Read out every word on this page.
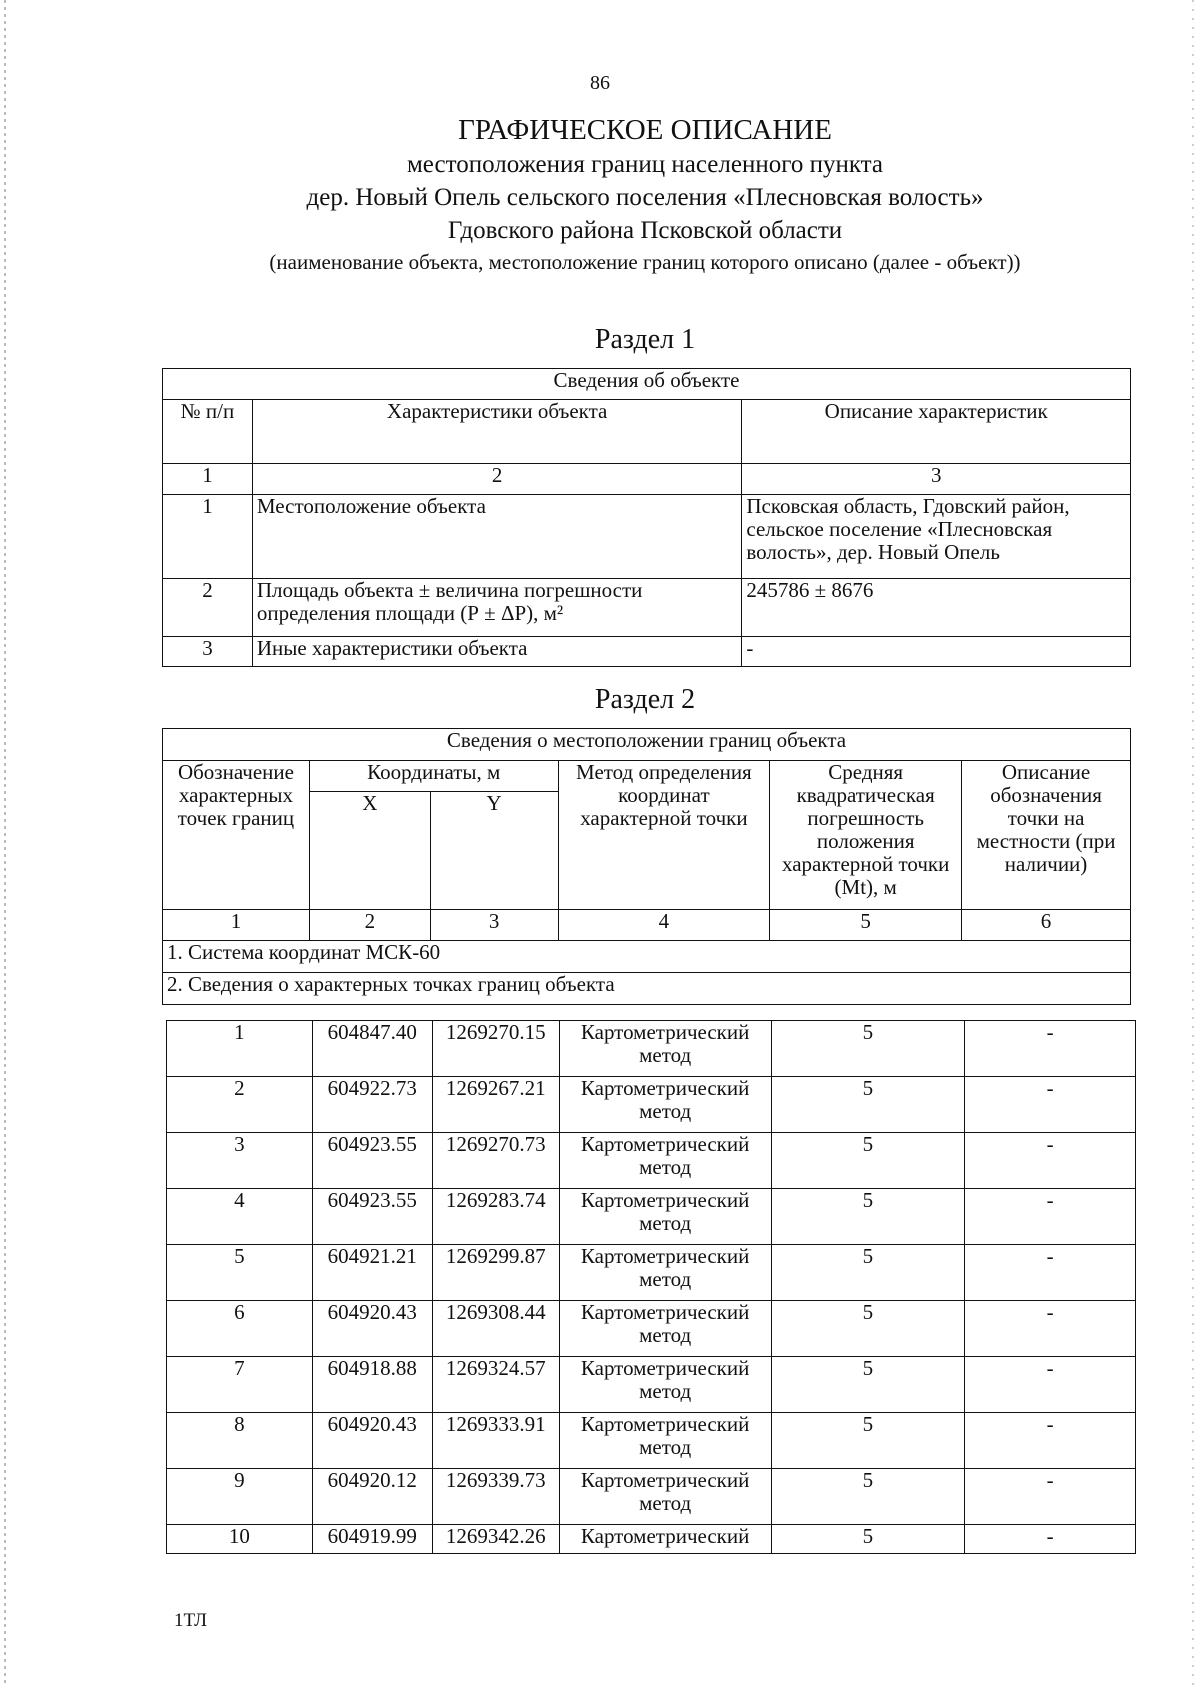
86
ГРАФИЧЕСКОЕ ОПИСАНИЕ
местоположения границ населенного пункта
дер. Новый Опель сельского поселения «Плесновская волость»
Гдовского района Псковской области
(наименование объекта, местоположение границ которого описано (далее - объект))
Раздел 1
Сведения об объекте		
№ п/п	Характеристики объекта	Описание характеристик
1	2	3
1	Местоположение объекта	Псковская область, Гдовский район, сельское поселение «Плесновская волость», дер. Новый Опель
2	Площадь объекта ± величина погрешности определения площади (Р ± ΔР), м²	245786 ± 8676
3	Иные характеристики объекта	-
Раздел 2
Сведения о местоположении границ объекта					
Обозначение характерных точек границ	Координаты, м		Метод определения координат характерной точки	Средняя квадратическая погрешность положения характерной точки (Мt), м	Описание обозначения точки на местности (при наличии)
	X	Y			
1	2	3	4	5	6
1. Система координат МСК-60					
2. Сведения о характерных точках границ объекта					
1	604847.40	1269270.15	Картометрический метод	5	-
2	604922.73	1269267.21	Картометрический метод	5	-
3	604923.55	1269270.73	Картометрический метод	5	-
4	604923.55	1269283.74	Картометрический метод	5	-
5	604921.21	1269299.87	Картометрический метод	5	-
6	604920.43	1269308.44	Картометрический метод	5	-
7	604918.88	1269324.57	Картометрический метод	5	-
8	604920.43	1269333.91	Картометрический метод	5	-
9	604920.12	1269339.73	Картометрический метод	5	-
10	604919.99	1269342.26	Картометрический	5	-
1ТЛ
